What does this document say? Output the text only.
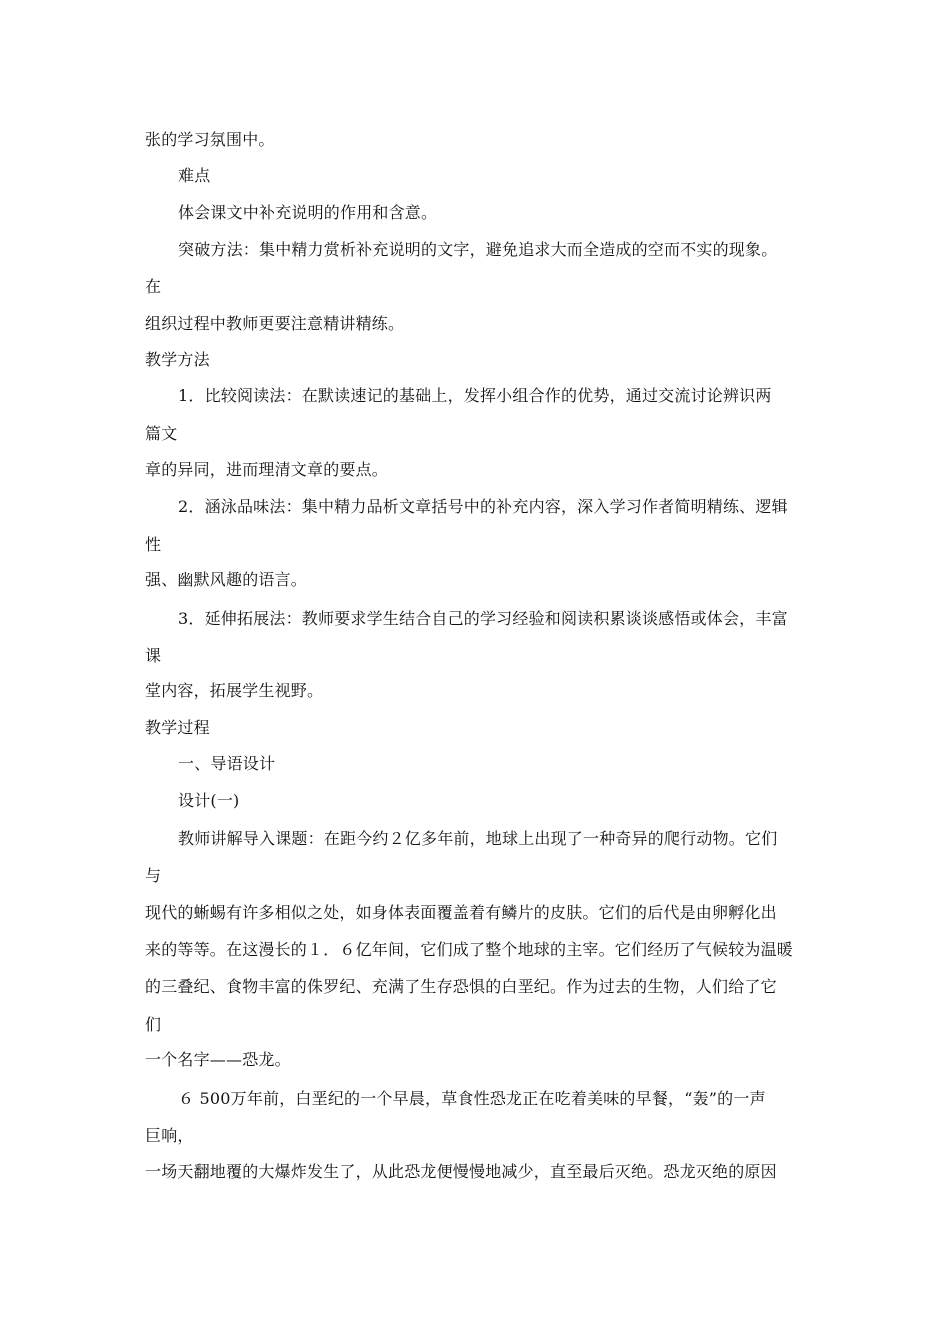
张的学习氛围中。
难点
体会课文中补充说明的作用和含意。
突破方法：集中精力赏析补充说明的文字，避免追求大而全造成的空而不实的现象。
在
组织过程中教师更要注意精讲精练。
教学方法
1．比较阅读法：在默读速记的基础上，发挥小组合作的优势，通过交流讨论辨识两
篇文
章的异同，进而理清文章的要点。
2．涵泳品味法：集中精力品析文章括号中的补充内容，深入学习作者简明精练、逻辑
性
强、幽默风趣的语言。
3．延伸拓展法：教师要求学生结合自己的学习经验和阅读积累谈谈感悟或体会，丰富
课
堂内容，拓展学生视野。
教学过程
一、导语设计
设计(一)
教师讲解导入课题：在距今约２亿多年前，地球上出现了一种奇异的爬行动物。它们
与
现代的蜥蜴有许多相似之处，如身体表面覆盖着有鳞片的皮肤。它们的后代是由卵孵化出
来的等等。在这漫长的１．６亿年间，它们成了整个地球的主宰。它们经历了气候较为温暖
的三叠纪、食物丰富的侏罗纪、充满了生存恐惧的白垩纪。作为过去的生物，人们给了它
们
一个名字——恐龙。
６ 500万年前，白垩纪的一个早晨，草食性恐龙正在吃着美味的早餐，“轰”的一声
巨响，
一场天翻地覆的大爆炸发生了，从此恐龙便慢慢地减少，直至最后灭绝。恐龙灭绝的原因
